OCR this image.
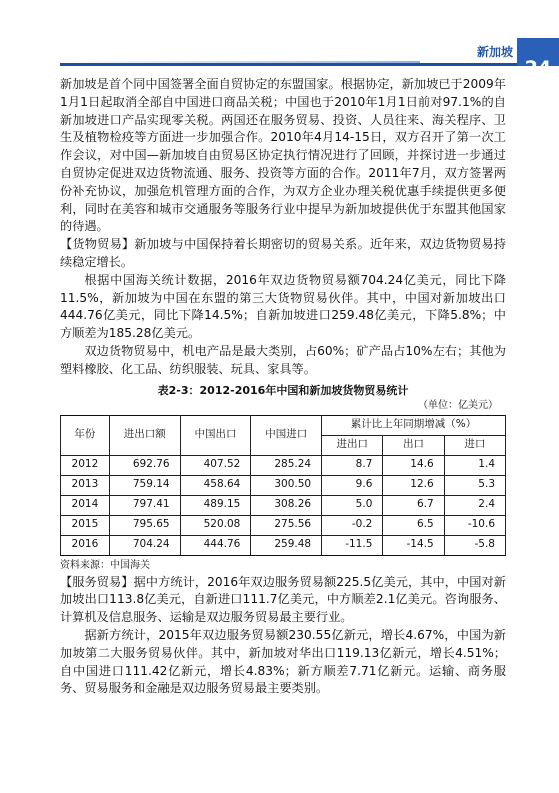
新加坡
24

新加坡是首个同中国签署全面自贸协定的东盟国家。根据协定，新加坡已于2009年1月1日起取消全部自中国进口商品关税；中国也于2010年1月1日前对97.1%的自新加坡进口产品实现零关税。两国还在服务贸易、投资、人员往来、海关程序、卫生及植物检疫等方面进一步加强合作。2010年4月14-15日，双方召开了第一次工作会议，对中国—新加坡自由贸易区协定执行情况进行了回顾，并探讨进一步通过自贸协定促进双边货物流通、服务、投资等方面的合作。2011年7月，双方签署两份补充协议，加强危机管理方面的合作，为双方企业办理关税优惠手续提供更多便利，同时在美容和城市交通服务等服务行业中提早为新加坡提供优于东盟其他国家的待遇。

【货物贸易】新加坡与中国保持着长期密切的贸易关系。近年来，双边货物贸易持续稳定增长。

根据中国海关统计数据，2016年双边货物贸易额704.24亿美元，同比下降11.5%，新加坡为中国在东盟的第三大货物贸易伙伴。其中，中国对新加坡出口444.76亿美元，同比下降14.5%；自新加坡进口259.48亿美元，下降5.8%；中方顺差为185.28亿美元。

双边货物贸易中，机电产品是最大类别，占60%；矿产品占10%左右；其他为塑料橡胶、化工品、纺织服装、玩具、家具等。

表2-3：2012-2016年中国和新加坡货物贸易统计
（单位：亿美元）
年份	进出口额	中国出口	中国进口	累计比上年同期增减（%）		
				进出口	出口	进口
2012	692.76	407.52	285.24	8.7	14.6	1.4
2013	759.14	458.64	300.50	9.6	12.6	5.3
2014	797.41	489.15	308.26	5.0	6.7	2.4
2015	795.65	520.08	275.56	-0.2	6.5	-10.6
2016	704.24	444.76	259.48	-11.5	-14.5	-5.8
资料来源：中国海关

【服务贸易】据中方统计，2016年双边服务贸易额225.5亿美元，其中，中国对新加坡出口113.8亿美元，自新进口111.7亿美元，中方顺差2.1亿美元。咨询服务、计算机及信息服务、运输是双边服务贸易最主要行业。

据新方统计，2015年双边服务贸易额230.55亿新元，增长4.67%，中国为新加坡第二大服务贸易伙伴。其中，新加坡对华出口119.13亿新元，增长4.51%；自中国进口111.42亿新元，增长4.83%；新方顺差7.71亿新元。运输、商务服务、贸易服务和金融是双边服务贸易最主要类别。
